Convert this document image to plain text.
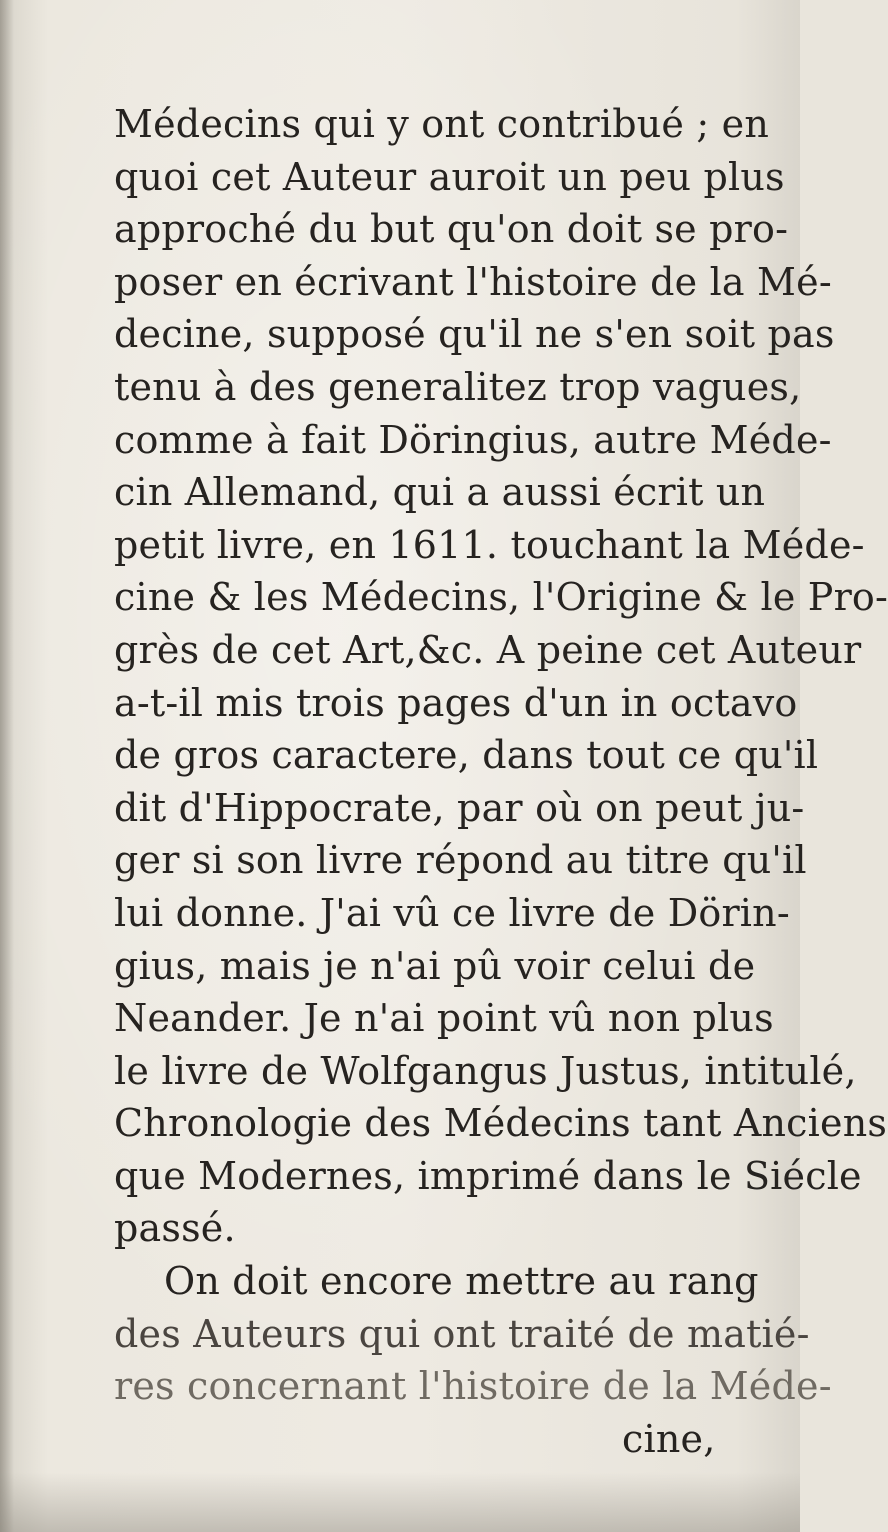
Médecins qui y ont contribué ; en
quoi cet Auteur auroit un peu plus
approché du but qu'on doit se pro-
poser en écrivant l'histoire de la Mé-
decine, supposé qu'il ne s'en soit pas
tenu à des generalitez trop vagues,
comme à fait Döringius, autre Méde-
cin Allemand, qui a aussi écrit un
petit livre, en 1611. touchant la Méde-
cine & les Médecins, l'Origine & le Pro-
grès de cet Art,&c. A peine cet Auteur
a-t-il mis trois pages d'un in octavo
de gros caractere, dans tout ce qu'il
dit d'Hippocrate, par où on peut ju-
ger si son livre répond au titre qu'il
lui donne. J'ai vû ce livre de Dörin-
gius, mais je n'ai pû voir celui de
Neander. Je n'ai point vû non plus
le livre de Wolfgangus Justus, intitulé,
Chronologie des Médecins tant Anciens
que Modernes, imprimé dans le Siécle
passé.
On doit encore mettre au rang
des Auteurs qui ont traité de matié-
res concernant l'histoire de la Méde-
cine,
